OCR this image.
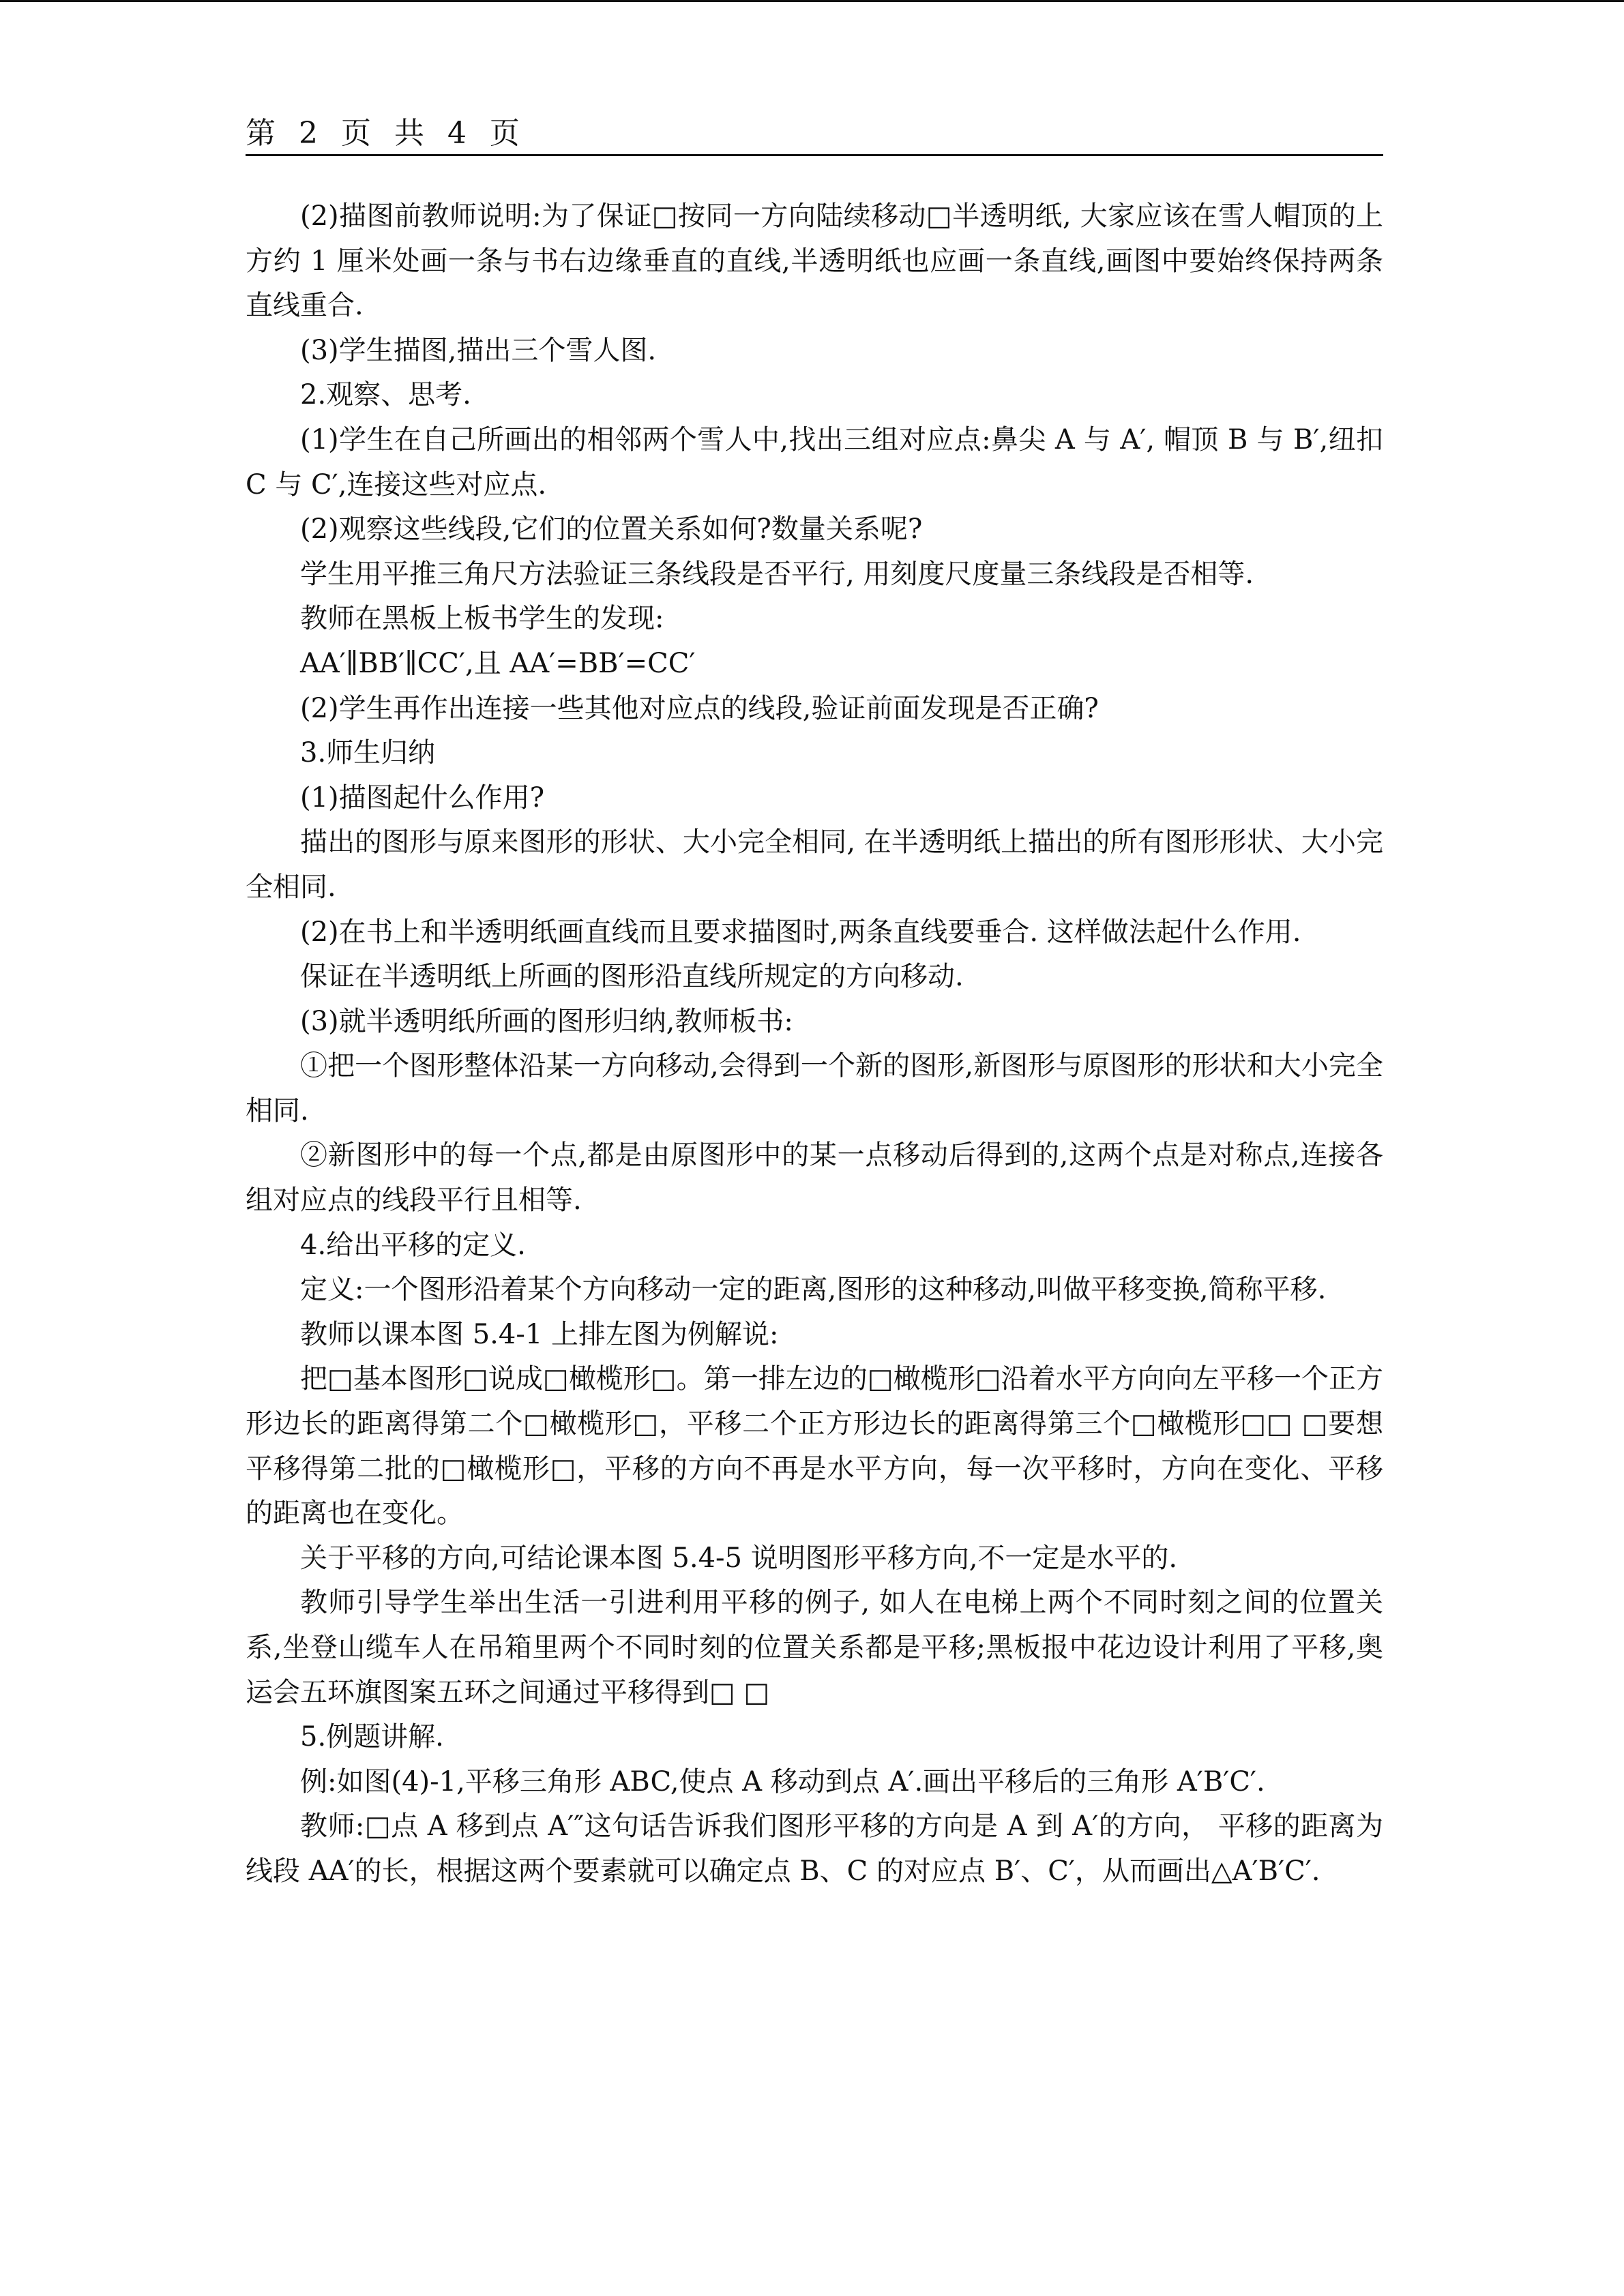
第 2 页 共 4 页

(2)描图前教师说明:为了保证□按同一方向陆续移动□半透明纸, 大家应该在雪人帽顶的上方约 1 厘米处画一条与书右边缘垂直的直线,半透明纸也应画一条直线,画图中要始终保持两条直线重合.

(3)学生描图,描出三个雪人图.

2.观察、思考.

(1)学生在自己所画出的相邻两个雪人中,找出三组对应点:鼻尖 A 与 A′, 帽顶 B 与 B′,纽扣 C 与 C′,连接这些对应点.

(2)观察这些线段,它们的位置关系如何?数量关系呢?

学生用平推三角尺方法验证三条线段是否平行, 用刻度尺度量三条线段是否相等.

教师在黑板上板书学生的发现:

AA′∥BB′∥CC′,且 AA′=BB′=CC′

(2)学生再作出连接一些其他对应点的线段,验证前面发现是否正确?

3.师生归纳

(1)描图起什么作用?

描出的图形与原来图形的形状、大小完全相同, 在半透明纸上描出的所有图形形状、大小完全相同.

(2)在书上和半透明纸画直线而且要求描图时,两条直线要垂合. 这样做法起什么作用.

保证在半透明纸上所画的图形沿直线所规定的方向移动.

(3)就半透明纸所画的图形归纳,教师板书:

①把一个图形整体沿某一方向移动,会得到一个新的图形,新图形与原图形的形状和大小完全相同.

②新图形中的每一个点,都是由原图形中的某一点移动后得到的,这两个点是对称点,连接各组对应点的线段平行且相等.

4.给出平移的定义.

定义:一个图形沿着某个方向移动一定的距离,图形的这种移动,叫做平移变换,简称平移.

教师以课本图 5.4-1 上排左图为例解说:

把□基本图形□说成□橄榄形□。第一排左边的□橄榄形□沿着水平方向向左平移一个正方形边长的距离得第二个□橄榄形□，平移二个正方形边长的距离得第三个□橄榄形□□ □要想平移得第二批的□橄榄形□，平移的方向不再是水平方向，每一次平移时，方向在变化、平移的距离也在变化。

关于平移的方向,可结论课本图 5.4-5 说明图形平移方向,不一定是水平的.

教师引导学生举出生活一引进利用平移的例子, 如人在电梯上两个不同时刻之间的位置关系,坐登山缆车人在吊箱里两个不同时刻的位置关系都是平移;黑板报中花边设计利用了平移,奥运会五环旗图案五环之间通过平移得到□ □

5.例题讲解.

例:如图(4)-1,平移三角形 ABC,使点 A 移动到点 A′.画出平移后的三角形 A′B′C′.

教师:□点 A 移到点 A′″这句话告诉我们图形平移的方向是 A 到 A′的方向， 平移的距离为线段 AA′的长，根据这两个要素就可以确定点 B、C 的对应点 B′、C′，从而画出△A′B′C′.
